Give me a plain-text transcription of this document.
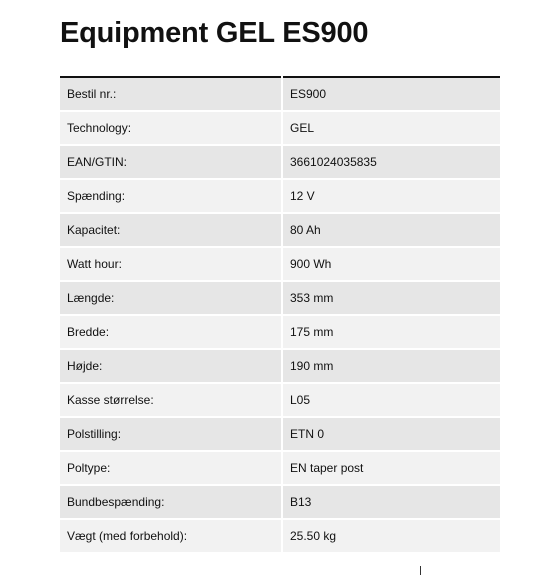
Equipment GEL ES900
Bestil nr.:	ES900
Technology:	GEL
EAN/GTIN:	3661024035835
Spænding:	12 V
Kapacitet:	80 Ah
Watt hour:	900 Wh
Længde:	353 mm
Bredde:	175 mm
Højde:	190 mm
Kasse størrelse:	L05
Polstilling:	ETN 0
Poltype:	EN taper post
Bundbespænding:	B13
Vægt (med forbehold):	25.50 kg
